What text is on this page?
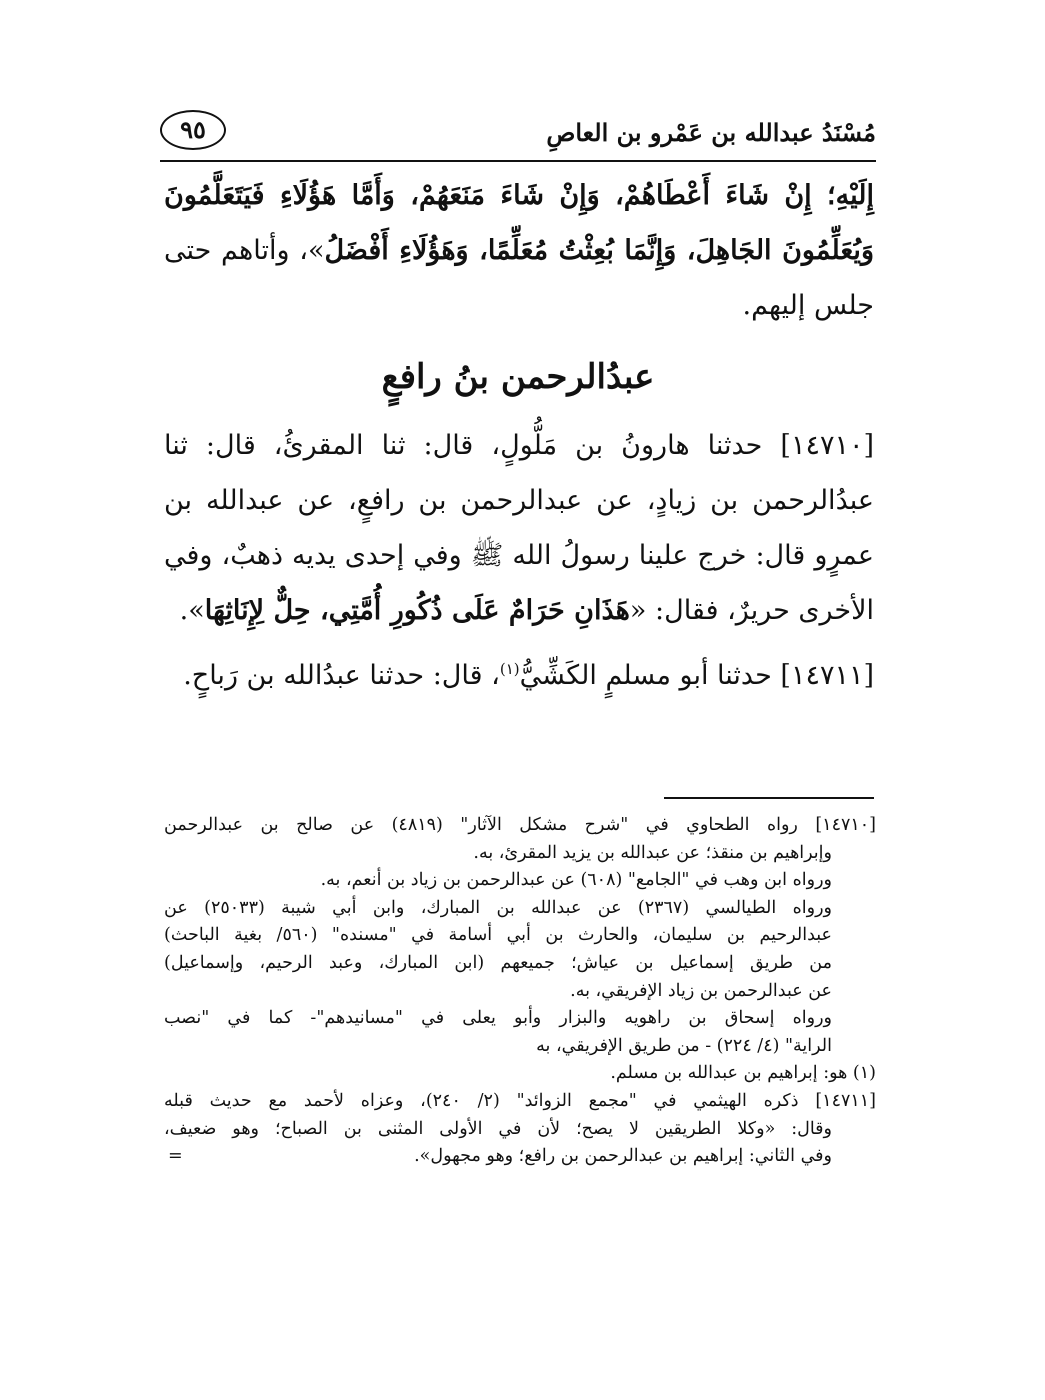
مُسْنَدُ عبدالله بن عَمْرو بن العاصِ
٩٥
إِلَيْهِ؛ إِنْ شَاءَ أَعْطَاهُمْ، وَإِنْ شَاءَ مَنَعَهُمْ، وَأَمَّا هَؤُلَاءِ فَيَتَعَلَّمُونَ وَيُعَلِّمُونَ الجَاهِلَ، وَإِنَّمَا بُعِثْتُ مُعَلِّمًا، وَهَؤُلَاءِ أَفْضَلُ»، وأتاهم حتى جلس إليهم.
عبدُالرحمن بنُ رافعٍ
[١٤٧١٠] حدثنا هارونُ بن مَلُّولٍ، قال: ثنا المقرئُ، قال: ثنا عبدُالرحمن بن زيادٍ، عن عبدالرحمن بن رافعٍ، عن عبدالله بن عمرٍو قال: خرج علينا رسولُ الله ﷺ وفي إحدى يديه ذهبٌ، وفي الأخرى حريرٌ، فقال: «هَذَانِ حَرَامٌ عَلَى ذُكُورِ أُمَّتِي، حِلٌّ لِإِنَاثِهَا».
[١٤٧١١] حدثنا أبو مسلمٍ الكَشِّيُّ$^{(١)}$، قال: حدثنا عبدُالله بن رَباحٍ.
[١٤٧١٠] رواه الطحاوي في "شرح مشكل الآثار" (٤٨١٩) عن صالح بن عبدالرحمن
وإبراهيم بن منقذ؛ عن عبدالله بن يزيد المقرئ، به.
ورواه ابن وهب في "الجامع" (٦٠٨) عن عبدالرحمن بن زياد بن أنعم، به.
ورواه الطيالسي (٢٣٦٧) عن عبدالله بن المبارك، وابن أبي شيبة (٢٥٠٣٣) عن
عبدالرحيم بن سليمان، والحارث بن أبي أسامة في "مسنده" (٥٦٠/ بغية الباحث)
من طريق إسماعيل بن عياش؛ جميعهم (ابن المبارك، وعبد الرحيم، وإسماعيل)
عن عبدالرحمن بن زياد الإفريقي، به.
ورواه إسحاق بن راهويه والبزار وأبو يعلى في "مسانيدهم"- كما في "نصب
الراية" (٤/ ٢٢٤) - من طريق الإفريقي، به
(١) هو: إبراهيم بن عبدالله بن مسلم.
[١٤٧١١] ذكره الهيثمي في "مجمع الزوائد" (٢/ ٢٤٠)، وعزاه لأحمد مع حديث قبله
وقال: «وكلا الطريقين لا يصح؛ لأن في الأولى المثنى بن الصباح؛ وهو ضعيف،
وفي الثاني: إبراهيم بن عبدالرحمن بن رافع؛ وهو مجهول».
=
